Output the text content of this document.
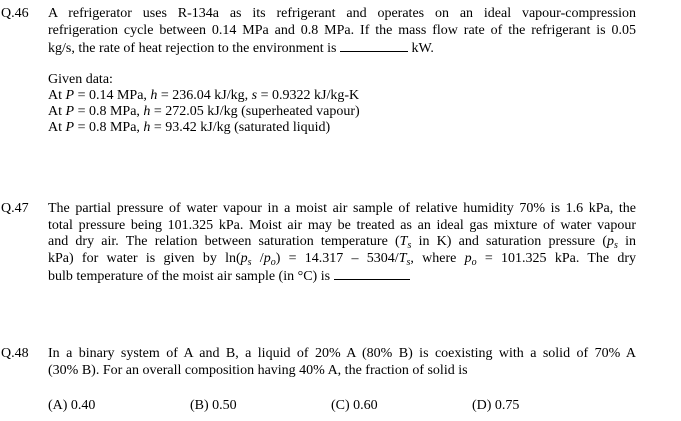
Q.46 A refrigerator uses R-134a as its refrigerant and operates on an ideal vapour-compression
refrigeration cycle between 0.14 MPa and 0.8 MPa. If the mass flow rate of the refrigerant is 0.05
kg/s, the rate of heat rejection to the environment is	kW.
Given data:
At P = 0.14 MPa, h = 236.04 kJ/kg, s = 0.9322 kJ/kg-K
At P = 0.8 MPa, h = 272.05 kJ/kg (superheated vapour)
At P = 0.8 MPa, h = 93.42 kJ/kg (saturated liquid)
Q.47 The partial pressure of water vapour in a moist air sample of relative humidity 70% is 1.6 kPa, the
total pressure being 101.325 kPa. Moist air may be treated as an ideal gas mixture of water vapour
and dry air. The relation between saturation temperature ($T_s$ in K) and saturation pressure ($p_s$ in
kPa) for water is given by $\ln(p_s$ $/p_o) = 14.317 - 5304/T_s$, where $p_o = 101.325$ kPa. The dry
bulb temperature of the moist air sample (in °C) is
Q.48 In a binary system of A and B, a liquid of 20% A (80% B) is coexisting with a solid of 70% A
(30% B). For an overall composition having 40% A, the fraction of solid is
(A) 0.40	(B) 0.50	(C) 0.60	(D) 0.75
